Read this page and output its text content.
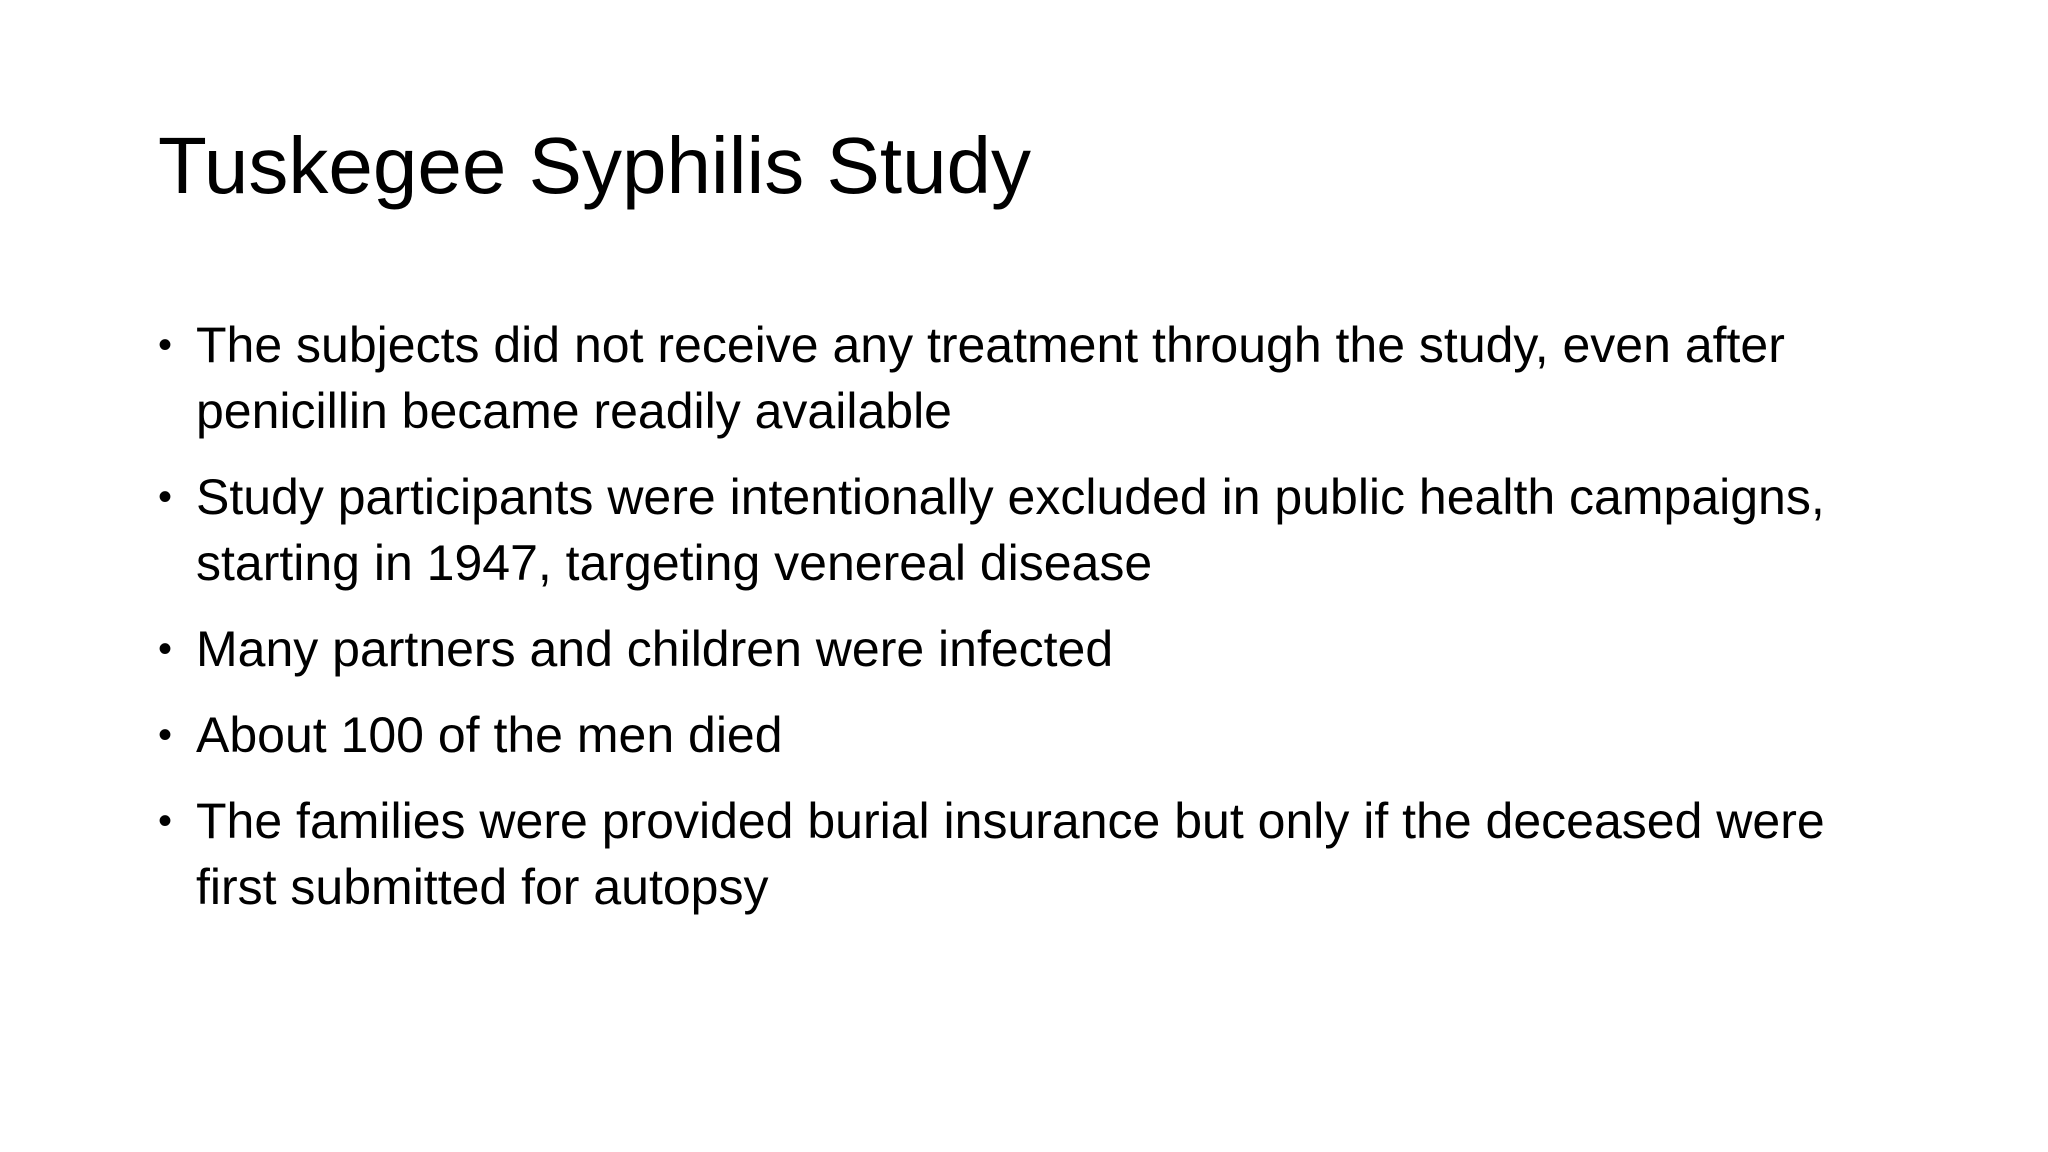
Tuskegee Syphilis Study
• The subjects did not receive any treatment through the study, even after penicillin became readily available
• Study participants were intentionally excluded in public health campaigns, starting in 1947, targeting venereal disease
• Many partners and children were infected
• About 100 of the men died
• The families were provided burial insurance but only if the deceased were first submitted for autopsy
